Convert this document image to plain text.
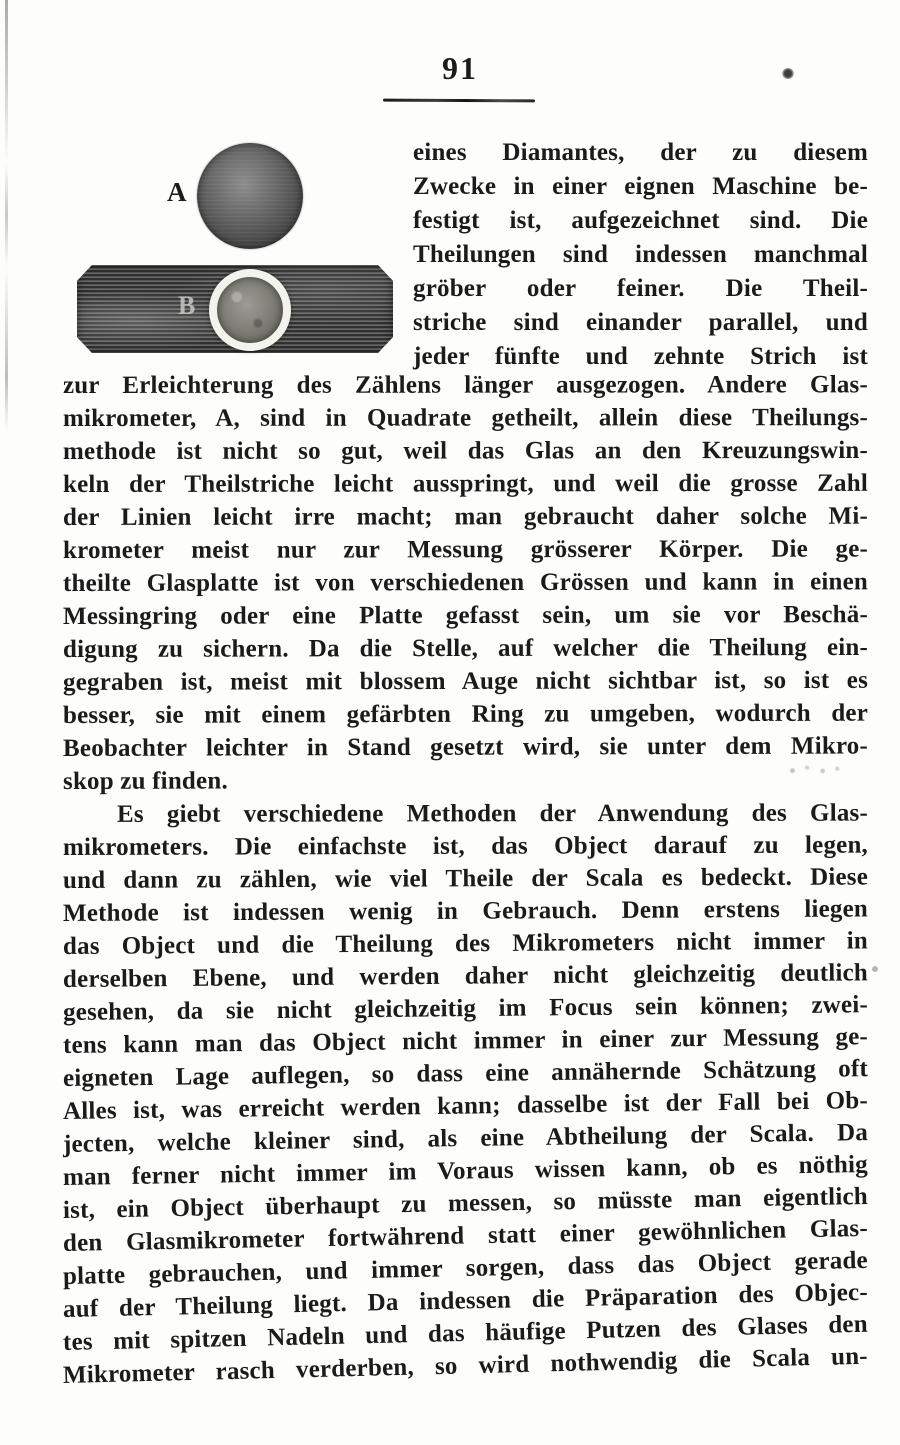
91
A
B
eines Diamantes, der zu diesem
Zwecke in einer eignen Maschine be-
festigt ist, aufgezeichnet sind. Die
Theilungen sind indessen manchmal
gröber oder feiner. Die Theil-
striche sind einander parallel, und
jeder fünfte und zehnte Strich ist
zur Erleichterung des Zählens länger ausgezogen. Andere Glas-
mikrometer, A, sind in Quadrate getheilt, allein diese Theilungs-
methode ist nicht so gut, weil das Glas an den Kreuzungswin-
keln der Theilstriche leicht ausspringt, und weil die grosse Zahl
der Linien leicht irre macht; man gebraucht daher solche Mi-
krometer meist nur zur Messung grösserer Körper. Die ge-
theilte Glasplatte ist von verschiedenen Grössen und kann in einen
Messingring oder eine Platte gefasst sein, um sie vor Beschä-
digung zu sichern. Da die Stelle, auf welcher die Theilung ein-
gegraben ist, meist mit blossem Auge nicht sichtbar ist, so ist es
besser, sie mit einem gefärbten Ring zu umgeben, wodurch der
Beobachter leichter in Stand gesetzt wird, sie unter dem Mikro-
skop zu finden.
Es giebt verschiedene Methoden der Anwendung des Glas-
mikrometers. Die einfachste ist, das Object darauf zu legen,
und dann zu zählen, wie viel Theile der Scala es bedeckt. Diese
Methode ist indessen wenig in Gebrauch. Denn erstens liegen
das Object und die Theilung des Mikrometers nicht immer in
derselben Ebene, und werden daher nicht gleichzeitig deutlich
gesehen, da sie nicht gleichzeitig im Focus sein können; zwei-
tens kann man das Object nicht immer in einer zur Messung ge-
eigneten Lage auflegen, so dass eine annähernde Schätzung oft
Alles ist, was erreicht werden kann; dasselbe ist der Fall bei Ob-
jecten, welche kleiner sind, als eine Abtheilung der Scala. Da
man ferner nicht immer im Voraus wissen kann, ob es nöthig
ist, ein Object überhaupt zu messen, so müsste man eigentlich
den Glasmikrometer fortwährend statt einer gewöhnlichen Glas-
platte gebrauchen, und immer sorgen, dass das Object gerade
auf der Theilung liegt. Da indessen die Präparation des Objec-
tes mit spitzen Nadeln und das häufige Putzen des Glases den
Mikrometer rasch verderben, so wird nothwendig die Scala un-
